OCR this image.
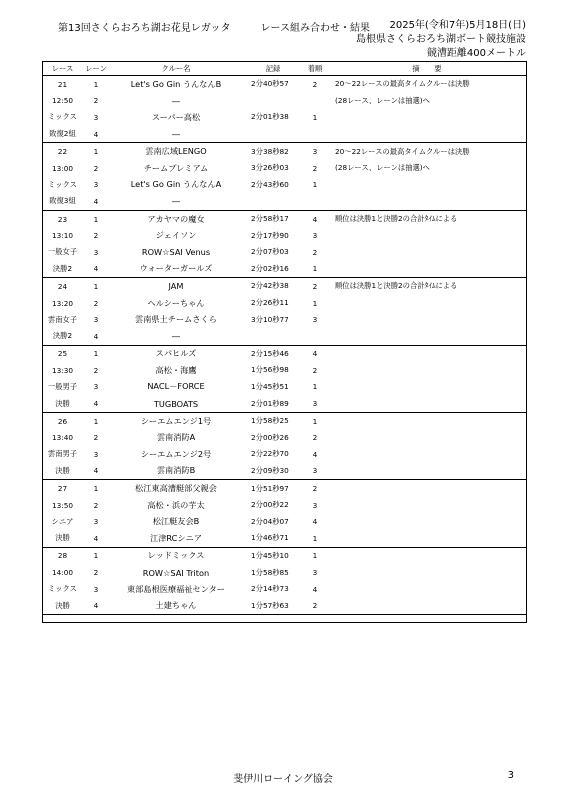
第13回さくらおろち湖お花見レガッタ	レース組み合わせ・結果	2025年(令和7年)5月18日(日)
島根県さくらおろち湖ボート競技施設
競漕距離400メートル
レース	レーン	クルー名	記録	着順	摘　　要
21	1	Let's Go Gin うんなんB	2分40秒57	2	20～22レースの最高タイムクルーは決勝
12:50	2	―			(28レース、レーンは抽選)へ
ミックス	3	スーパー高松	2分01秒38	1	
敗復2組	4	―			
22	1	雲南広域LENGO	3分38秒82	3	20～22レースの最高タイムクルーは決勝
13:00	2	チームプレミアム	3分26秒03	2	(28レース、レーンは抽選)へ
ミックス	3	Let's Go Gin うんなんA	2分43秒60	1	
敗復3組	4	―			
23	1	アカヤマの魔女	2分58秒17	4	順位は決勝1と決勝2の合計ﾀｲﾑによる
13:10	2	ジェイソン	2分17秒90	3	
一般女子	3	ROW☆SAI Venus	2分07秒03	2	
決勝2	4	ウォーターガールズ	2分02秒16	1	
24	1	JAM	2分42秒38	2	順位は決勝1と決勝2の合計ﾀｲﾑによる
13:20	2	ヘルシーちゃん	2分26秒11	1	
雲南女子	3	雲南県土チームさくら	3分10秒77	3	
決勝2	4	―			
25	1	スパヒルズ	2分15秒46	4	
13:30	2	高松・海鷹	1分56秒98	2	
一般男子	3	NACL－FORCE	1分45秒51	1	
決勝	4	TUGBOATS	2分01秒89	3	
26	1	シーエムエンジ1号	1分58秒25	1	
13:40	2	雲南消防A	2分00秒26	2	
雲南男子	3	シーエムエンジ2号	2分22秒70	4	
決勝	4	雲南消防B	2分09秒30	3	
27	1	松江東高漕艇部父親会	1分51秒97	2	
13:50	2	高松・浜の芋太	2分00秒22	3	
シニア	3	松江艇友会B	2分04秒07	4	
決勝	4	江津RCシニア	1分46秒71	1	
28	1	レッドミックス	1分45秒10	1	
14:00	2	ROW☆SAI Triton	1分58秒85	3	
ミックス	3	東部島根医療福祉センター	2分14秒73	4	
決勝	4	土建ちゃん	1分57秒63	2	
斐伊川ローイング協会	3
